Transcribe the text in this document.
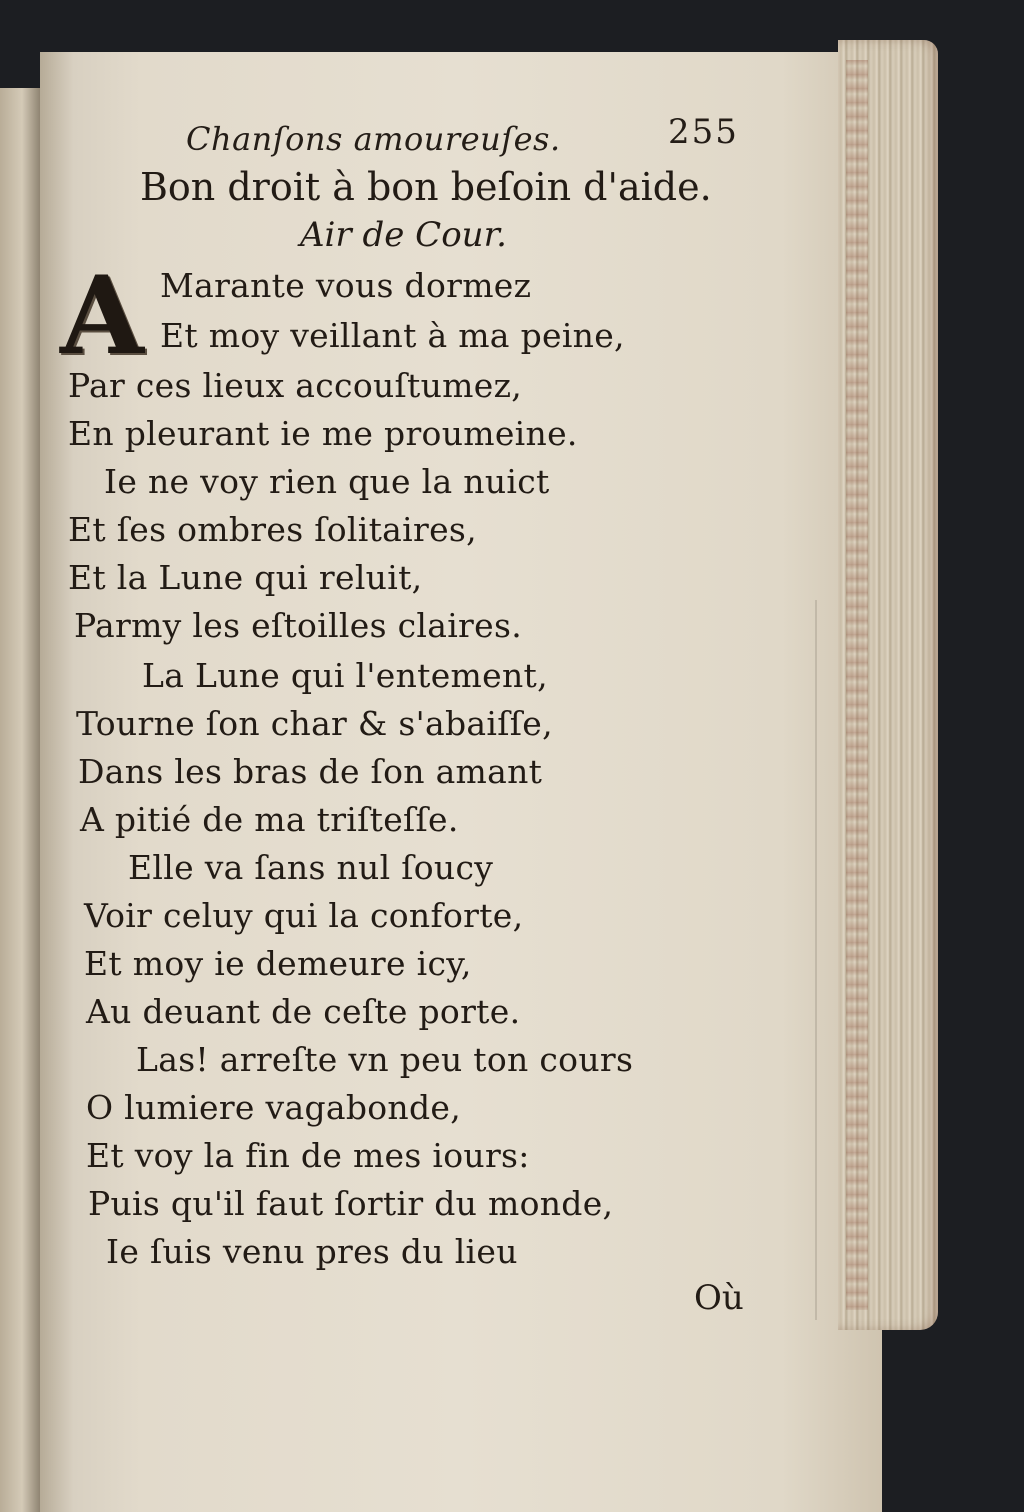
Chanſons amoureuſes.	255
Bon droit à bon beſoin d'aide.
Air de Cour.
A Marante vous dormez
Et moy veillant à ma peine,
Par ces lieux accouſtumez,
En pleurant ie me proumeine.
Ie ne voy rien que la nuict
Et ſes ombres ſolitaires,
Et la Lune qui reluit,
Parmy les eſtoilles claires.
La Lune qui l'entement,
Tourne ſon char & s'abaiſſe,
Dans les bras de ſon amant
A pitié de ma triſteſſe.
Elle va ſans nul ſoucy
Voir celuy qui la conforte,
Et moy ie demeure icy,
Au deuant de ceſte porte.
Las! arreſte vn peu ton cours
O lumiere vagabonde,
Et voy la fin de mes iours:
Puis qu'il faut ſortir du monde,
Ie ſuis venu pres du lieu
Où
